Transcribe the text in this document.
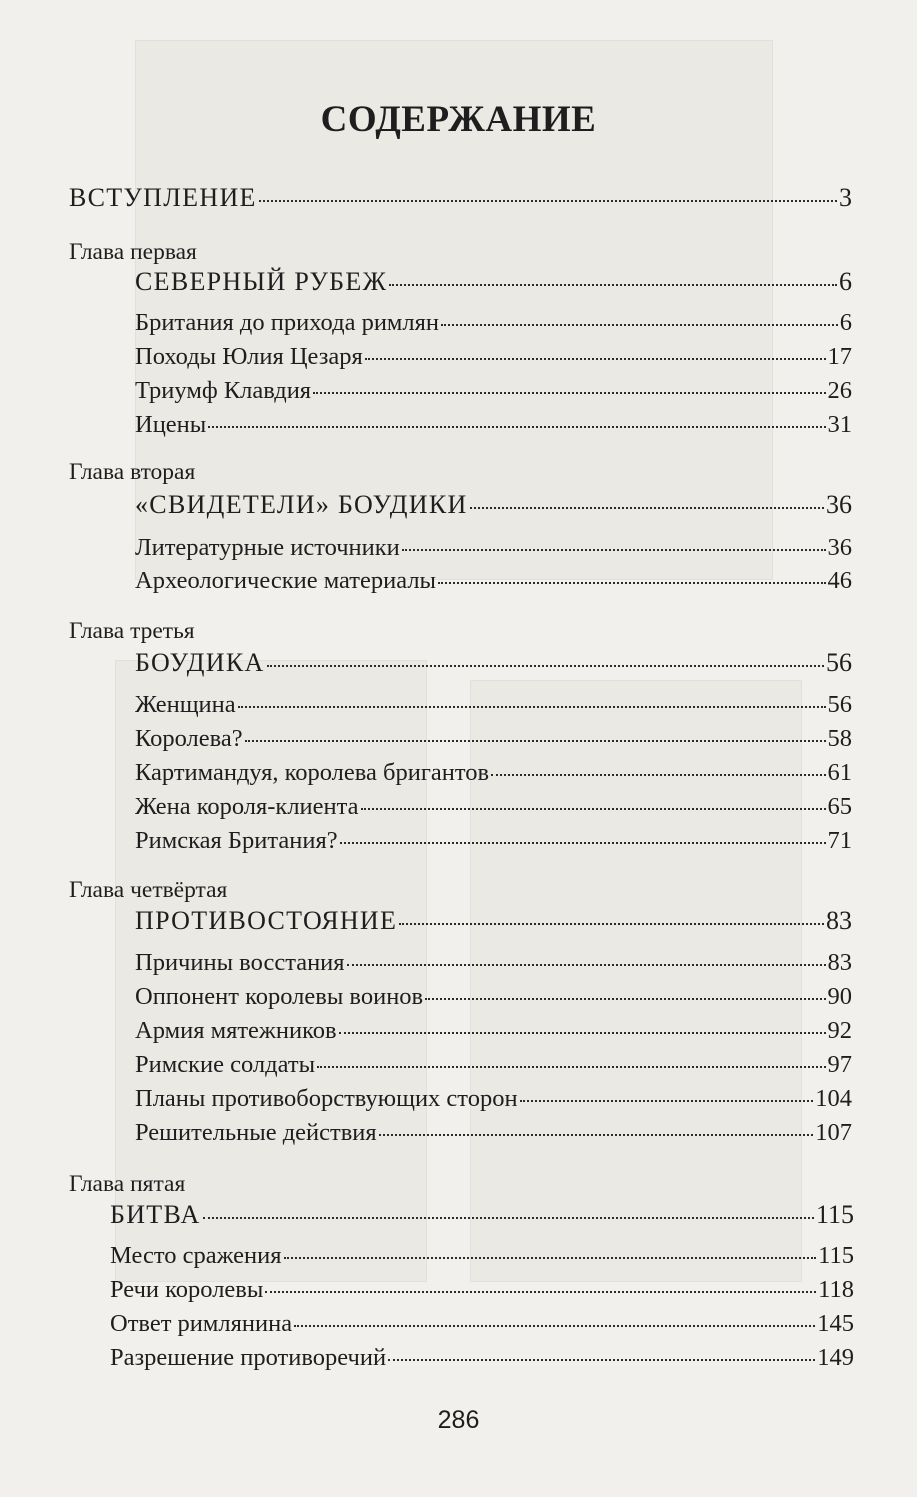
СОДЕРЖАНИЕ
ВСТУПЛЕНИЕ	3
Глава первая
СЕВЕРНЫЙ РУБЕЖ	6
Британия до прихода римлян	6
Походы Юлия Цезаря	17
Триумф Клавдия	26
Ицены	31
Глава вторая
«СВИДЕТЕЛИ» БОУДИКИ	36
Литературные источники	36
Археологические материалы	46
Глава третья
БОУДИКА	56
Женщина	56
Королева?	58
Картимандуя, королева бригантов	61
Жена короля-клиента	65
Римская Британия?	71
Глава четвёртая
ПРОТИВОСТОЯНИЕ	83
Причины восстания	83
Оппонент королевы воинов	90
Армия мятежников	92
Римские солдаты	97
Планы противоборствующих сторон	104
Решительные действия	107
Глава пятая
БИТВА	115
Место сражения	115
Речи королевы	118
Ответ римлянина	145
Разрешение противоречий	149
286
